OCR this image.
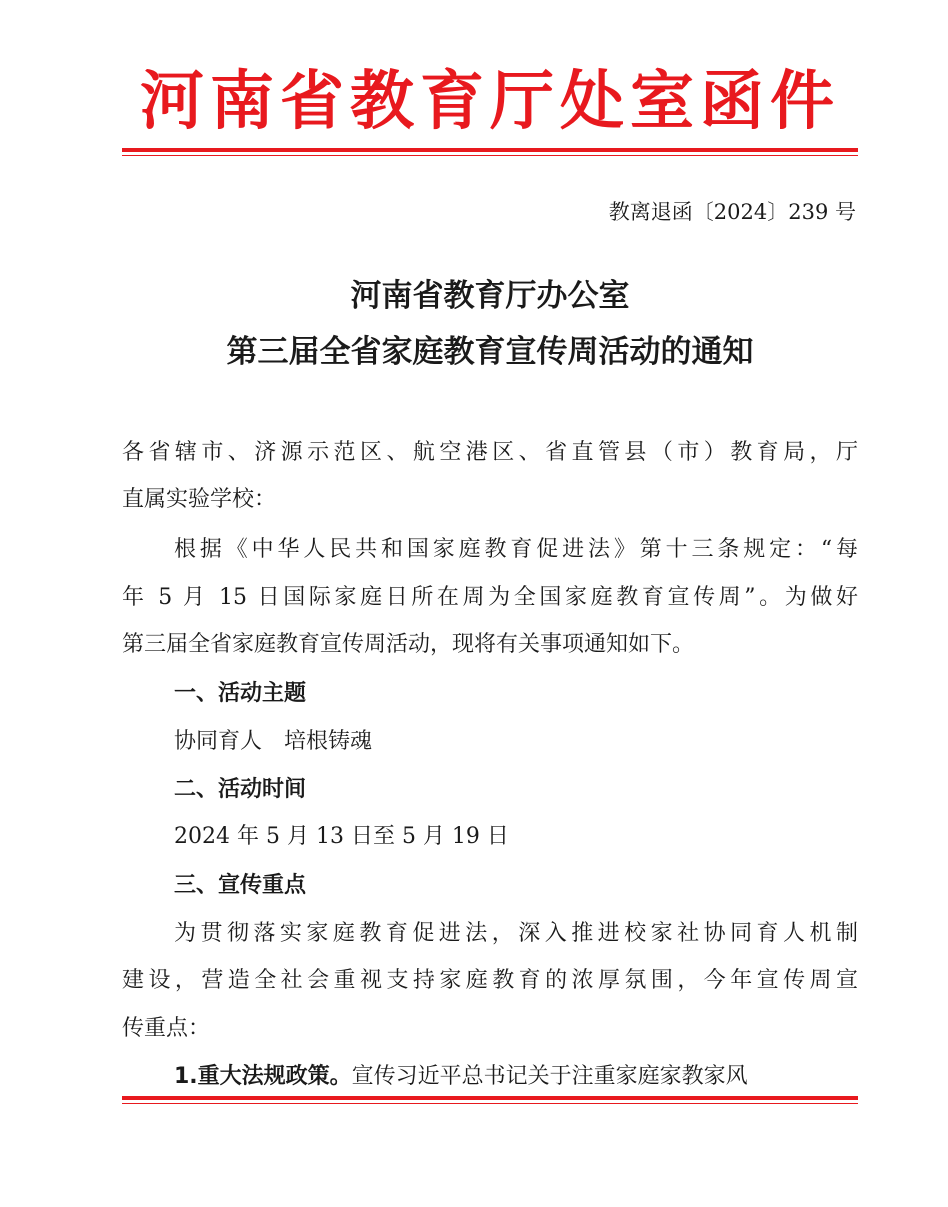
河南省教育厅处室函件
教离退函〔2024〕239 号
河南省教育厅办公室
第三届全省家庭教育宣传周活动的通知
各省辖市、济源示范区、航空港区、省直管县（市）教育局，厅
直属实验学校：
根据《中华人民共和国家庭教育促进法》第十三条规定：“每
年 5 月 15 日国际家庭日所在周为全国家庭教育宣传周”。为做好
第三届全省家庭教育宣传周活动，现将有关事项通知如下。
一、活动主题
协同育人　培根铸魂
二、活动时间
2024 年 5 月 13 日至 5 月 19 日
三、宣传重点
为贯彻落实家庭教育促进法，深入推进校家社协同育人机制
建设，营造全社会重视支持家庭教育的浓厚氛围，今年宣传周宣
传重点：
1.重大法规政策。宣传习近平总书记关于注重家庭家教家风
